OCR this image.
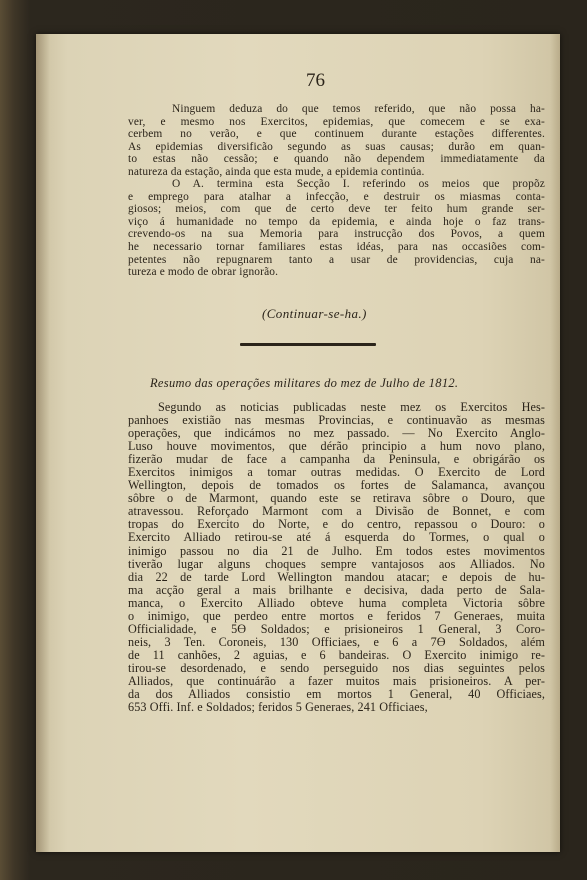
76
Ninguem deduza do que temos referido, que não possa ha-
ver, e mesmo nos Exercitos, epidemias, que comecem e se exa-
cerbem no verão, e que continuem durante estações differentes.
As epidemias diversificão segundo as suas causas; durão em quan-
to estas não cessão; e quando não dependem immediatamente da
natureza da estação, ainda que esta mude, a epidemia continúa.
O A. termina esta Secção I. referindo os meios que propõz
e emprego para atalhar a infecção, e destruir os miasmas conta-
giosos; meios, com que de certo deve ter feito hum grande ser-
viço á humanidade no tempo da epidemia, e ainda hoje o faz trans-
crevendo-os na sua Memoria para instrucção dos Povos, a quem
he necessario tornar familiares estas idéas, para nas occasiões com-
petentes não repugnarem tanto a usar de providencias, cuja na-
tureza e modo de obrar ignorão.
(Continuar-se-ha.)
Resumo das operações militares do mez de Julho de 1812.
Segundo as noticias publicadas neste mez os Exercitos Hes-
panhoes existião nas mesmas Provincias, e continuavão as mesmas
operações, que indicámos no mez passado. — No Exercito Anglo-
Luso houve movimentos, que dérão principio a hum novo plano,
fizerão mudar de face a campanha da Peninsula, e obrigárão os
Exercitos inimigos a tomar outras medidas. O Exercito de Lord
Wellington, depois de tomados os fortes de Salamanca, avançou
sôbre o de Marmont, quando este se retirava sôbre o Douro, que
atravessou. Reforçado Marmont com a Divisão de Bonnet, e com
tropas do Exercito do Norte, e do centro, repassou o Douro: o
Exercito Alliado retirou-se até á esquerda do Tormes, o qual o
inimigo passou no dia 21 de Julho. Em todos estes movimentos
tiverão lugar alguns choques sempre vantajosos aos Alliados. No
dia 22 de tarde Lord Wellington mandou atacar; e depois de hu-
ma acção geral a mais brilhante e decisiva, dada perto de Sala-
manca, o Exercito Alliado obteve huma completa Victoria sôbre
o inimigo, que perdeo entre mortos e feridos 7 Generaes, muita
Officialidade, e 5Ɵ Soldados; e prisioneiros 1 General, 3 Coro-
neis, 3 Ten. Coroneis, 130 Officiaes, e 6 a 7Ɵ Soldados, além
de 11 canhões, 2 aguias, e 6 bandeiras. O Exercito inimigo re-
tirou-se desordenado, e sendo perseguido nos dias seguintes pelos
Alliados, que continuárão a fazer muitos mais prisioneiros. A per-
da dos Alliados consistio em mortos 1 General, 40 Officiaes,
653 Offi. Inf. e Soldados; feridos 5 Generaes, 241 Officiaes,
